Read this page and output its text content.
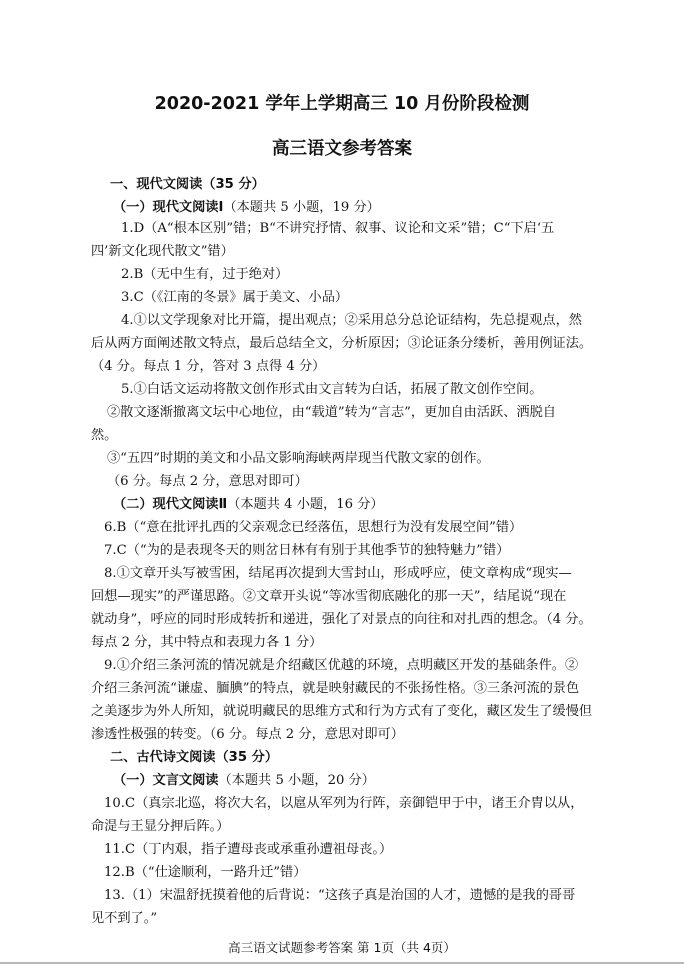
2020-2021 学年上学期高三 10 月份阶段检测
高三语文参考答案
一、现代文阅读（35 分）
（一）现代文阅读Ⅰ（本题共 5 小题，19 分）
1.D（A“根本区别”错；B“不讲究抒情、叙事、议论和文采”错；C“下启‘五
四’新文化现代散文”错）
2.B（无中生有，过于绝对）
3.C（《江南的冬景》属于美文、小品）
4.①以文学现象对比开篇，提出观点；②采用总分总论证结构，先总提观点，然
后从两方面阐述散文特点，最后总结全文，分析原因；③论证条分缕析，善用例证法。
（4 分。每点 1 分，答对 3 点得 4 分）
5.①白话文运动将散文创作形式由文言转为白话，拓展了散文创作空间。
②散文逐渐撤离文坛中心地位，由“载道”转为“言志”，更加自由活跃、洒脱自
然。
③“五四”时期的美文和小品文影响海峡两岸现当代散文家的创作。
（6 分。每点 2 分，意思对即可）
（二）现代文阅读Ⅱ（本题共 4 小题，16 分）
6.B（“意在批评扎西的父亲观念已经落伍，思想行为没有发展空间”错）
7.C（“为的是表现冬天的则岔日林有有别于其他季节的独特魅力”错）
8.①文章开头写被雪困，结尾再次提到大雪封山，形成呼应，使文章构成“现实—
回想—现实”的严谨思路。②文章开头说“等冰雪彻底融化的那一天”，结尾说“现在
就动身”，呼应的同时形成转折和递进，强化了对景点的向往和对扎西的想念。（4 分。
每点 2 分，其中特点和表现力各 1 分）
9.①介绍三条河流的情况就是介绍藏区优越的环境，点明藏区开发的基础条件。②
介绍三条河流“谦虚、腼腆”的特点，就是映射藏民的不张扬性格。③三条河流的景色
之美逐步为外人所知，就说明藏民的思维方式和行为方式有了变化，藏区发生了缓慢但
渗透性极强的转变。（6 分。每点 2 分，意思对即可）
二、古代诗文阅读（35 分）
（一）文言文阅读（本题共 5 小题，20 分）
10.C（真宗北巡，将次大名，以扈从军列为行阵，亲御铠甲于中，诸王介胄以从，
命湜与王显分押后阵。）
11.C（丁内艰，指子遭母丧或承重孙遭祖母丧。）
12.B（“仕途顺利，一路升迁”错）
13.（1）宋温舒抚摸着他的后背说：“这孩子真是治国的人才，遗憾的是我的哥哥
见不到了。”
高三语文试题参考答案 第 1页（共 4页）
